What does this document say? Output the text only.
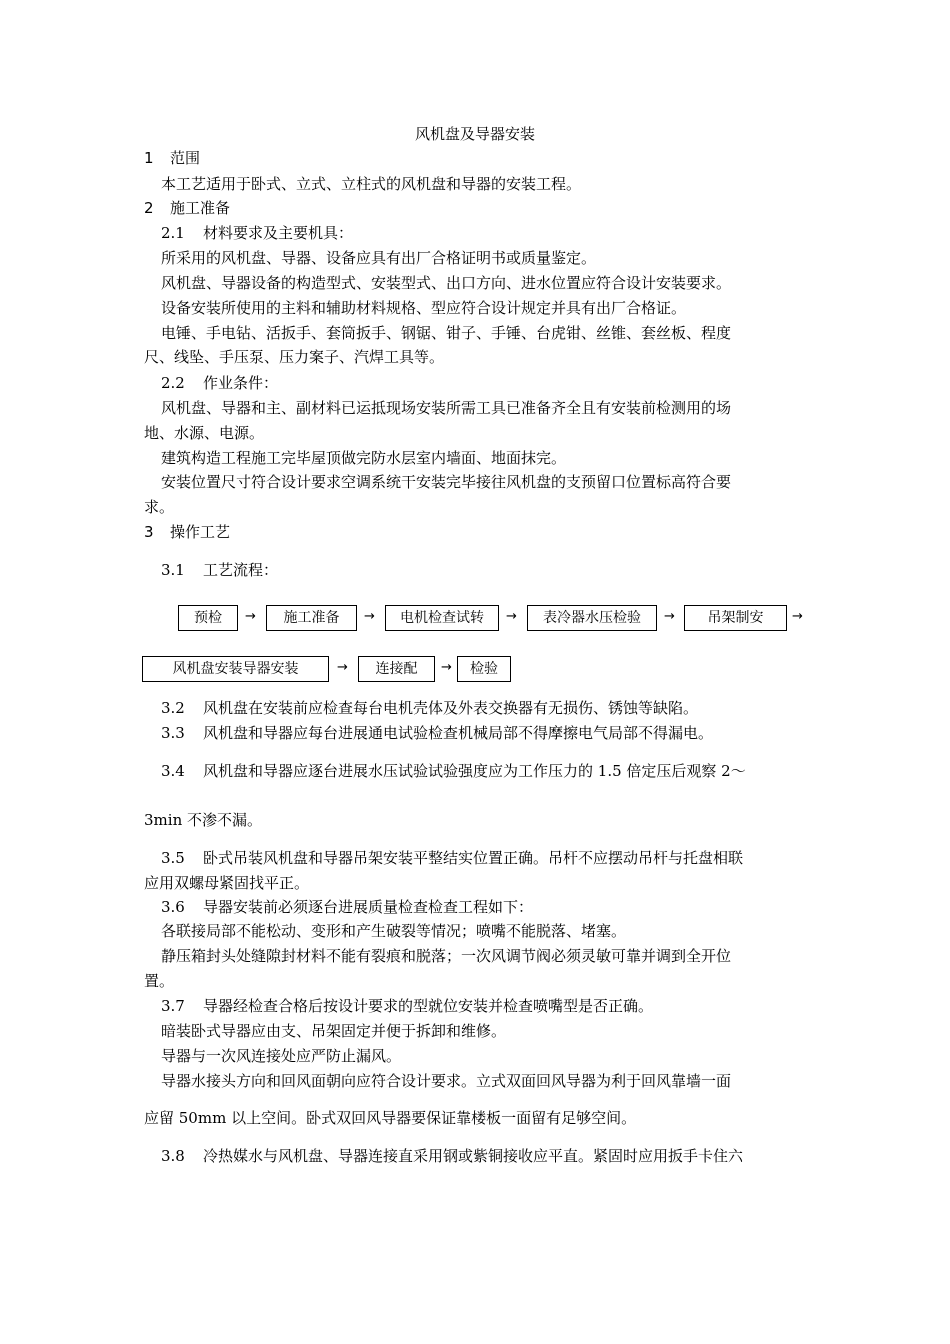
风机盘及导器安装
1 范围
本工艺适用于卧式、立式、立柱式的风机盘和导器的安装工程。
2 施工准备
2.1 材料要求及主要机具：
所采用的风机盘、导器、设备应具有出厂合格证明书或质量鉴定。
风机盘、导器设备的构造型式、安装型式、出口方向、进水位置应符合设计安装要求。
设备安装所使用的主料和辅助材料规格、型应符合设计规定并具有出厂合格证。
电锤、手电钻、活扳手、套筒扳手、钢锯、钳子、手锤、台虎钳、丝锥、套丝板、程度
尺、线坠、手压泵、压力案子、汽焊工具等。
2.2 作业条件：
风机盘、导器和主、副材料已运抵现场安装所需工具已准备齐全且有安装前检测用的场
地、水源、电源。
建筑构造工程施工完毕屋顶做完防水层室内墙面、地面抹完。
安装位置尺寸符合设计要求空调系统干安装完毕接往风机盘的支预留口位置标高符合要
求。
3 操作工艺
3.1 工艺流程：
预检	→	施工准备	→	电机检查试转	→	表冷器水压检验	→	吊架制安	→
风机盘安装导器安装	→	连接配	→	检验
3.2 风机盘在安装前应检查每台电机壳体及外表交换器有无损伤、锈蚀等缺陷。
3.3 风机盘和导器应每台进展通电试验检查机械局部不得摩擦电气局部不得漏电。
3.4 风机盘和导器应逐台进展水压试验试验强度应为工作压力的 1.5 倍定压后观察 2～
3min 不渗不漏。
3.5 卧式吊装风机盘和导器吊架安装平整结实位置正确。吊杆不应摆动吊杆与托盘相联
应用双螺母紧固找平正。
3.6 导器安装前必须逐台进展质量检查检查工程如下：
各联接局部不能松动、变形和产生破裂等情况；喷嘴不能脱落、堵塞。
静压箱封头处缝隙封材料不能有裂痕和脱落；一次风调节阀必须灵敏可靠并调到全开位
置。
3.7 导器经检查合格后按设计要求的型就位安装并检查喷嘴型是否正确。
暗装卧式导器应由支、吊架固定并便于拆卸和维修。
导器与一次风连接处应严防止漏风。
导器水接头方向和回风面朝向应符合设计要求。立式双面回风导器为利于回风靠墙一面
应留 50mm 以上空间。卧式双回风导器要保证靠楼板一面留有足够空间。
3.8 冷热媒水与风机盘、导器连接直采用钢或紫铜接收应平直。紧固时应用扳手卡住六
